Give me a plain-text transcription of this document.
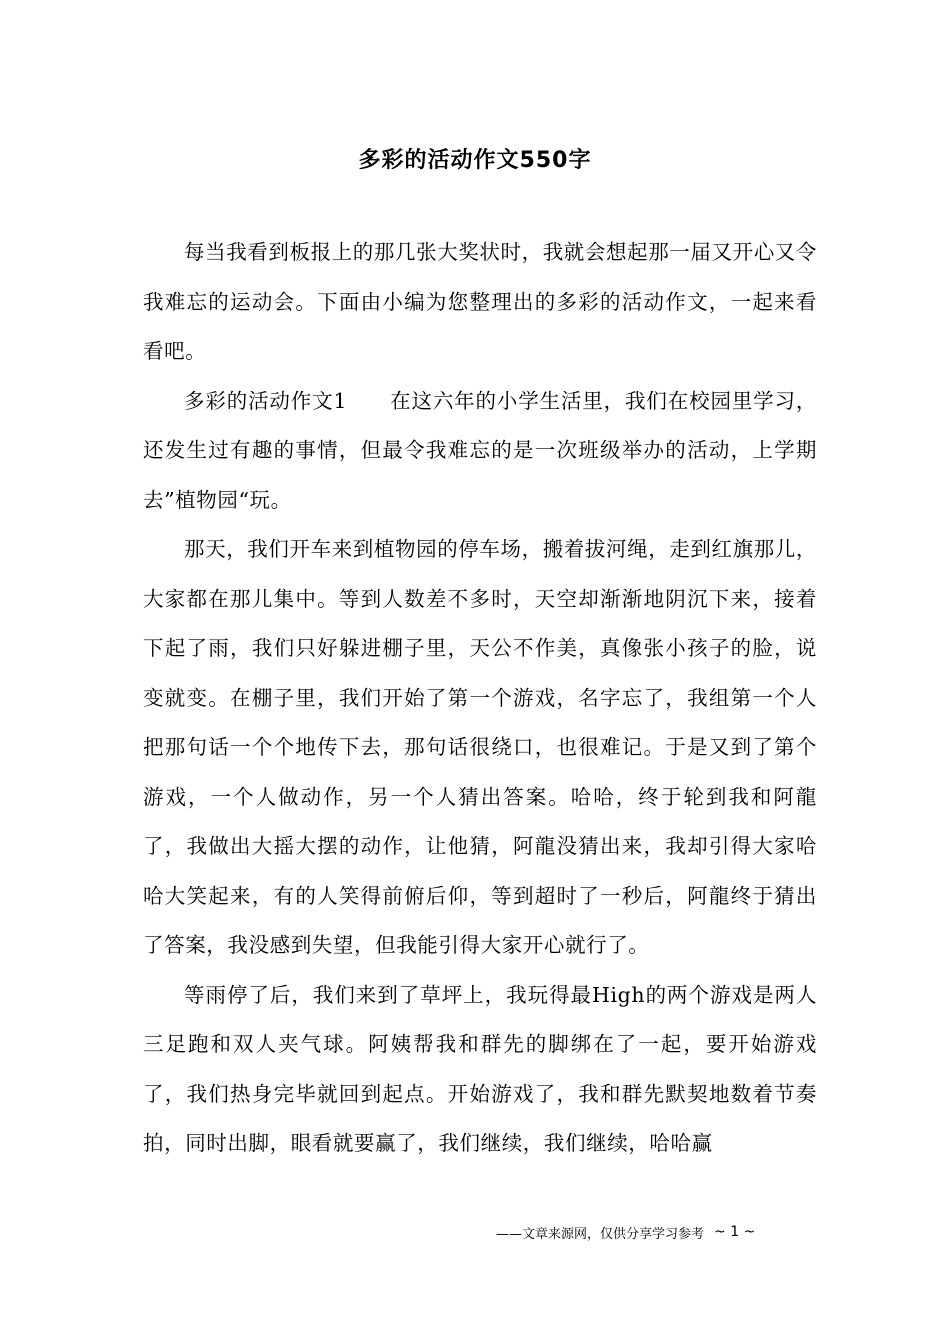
多彩的活动作文550字

每当我看到板报上的那几张大奖状时，我就会想起那一届又开心又令我难忘的运动会。下面由小编为您整理出的多彩的活动作文，一起来看看吧。

多彩的活动作文1　　在这六年的小学生活里，我们在校园里学习，还发生过有趣的事情，但最令我难忘的是一次班级举办的活动，上学期去”植物园“玩。

那天，我们开车来到植物园的停车场，搬着拔河绳，走到红旗那儿，大家都在那儿集中。等到人数差不多时，天空却渐渐地阴沉下来，接着下起了雨，我们只好躲进棚子里，天公不作美，真像张小孩子的脸，说变就变。在棚子里，我们开始了第一个游戏，名字忘了，我组第一个人把那句话一个个地传下去，那句话很绕口，也很难记。于是又到了第个游戏，一个人做动作，另一个人猜出答案。哈哈，终于轮到我和阿龍了，我做出大摇大摆的动作，让他猜，阿龍没猜出来，我却引得大家哈哈大笑起来，有的人笑得前俯后仰，等到超时了一秒后，阿龍终于猜出了答案，我没感到失望，但我能引得大家开心就行了。

等雨停了后，我们来到了草坪上，我玩得最High的两个游戏是两人三足跑和双人夹气球。阿姨帮我和群先的脚绑在了一起，要开始游戏了，我们热身完毕就回到起点。开始游戏了，我和群先默契地数着节奏拍，同时出脚，眼看就要赢了，我们继续，我们继续，哈哈赢

——文章来源网，仅供分享学习参考 ~ 1 ~
